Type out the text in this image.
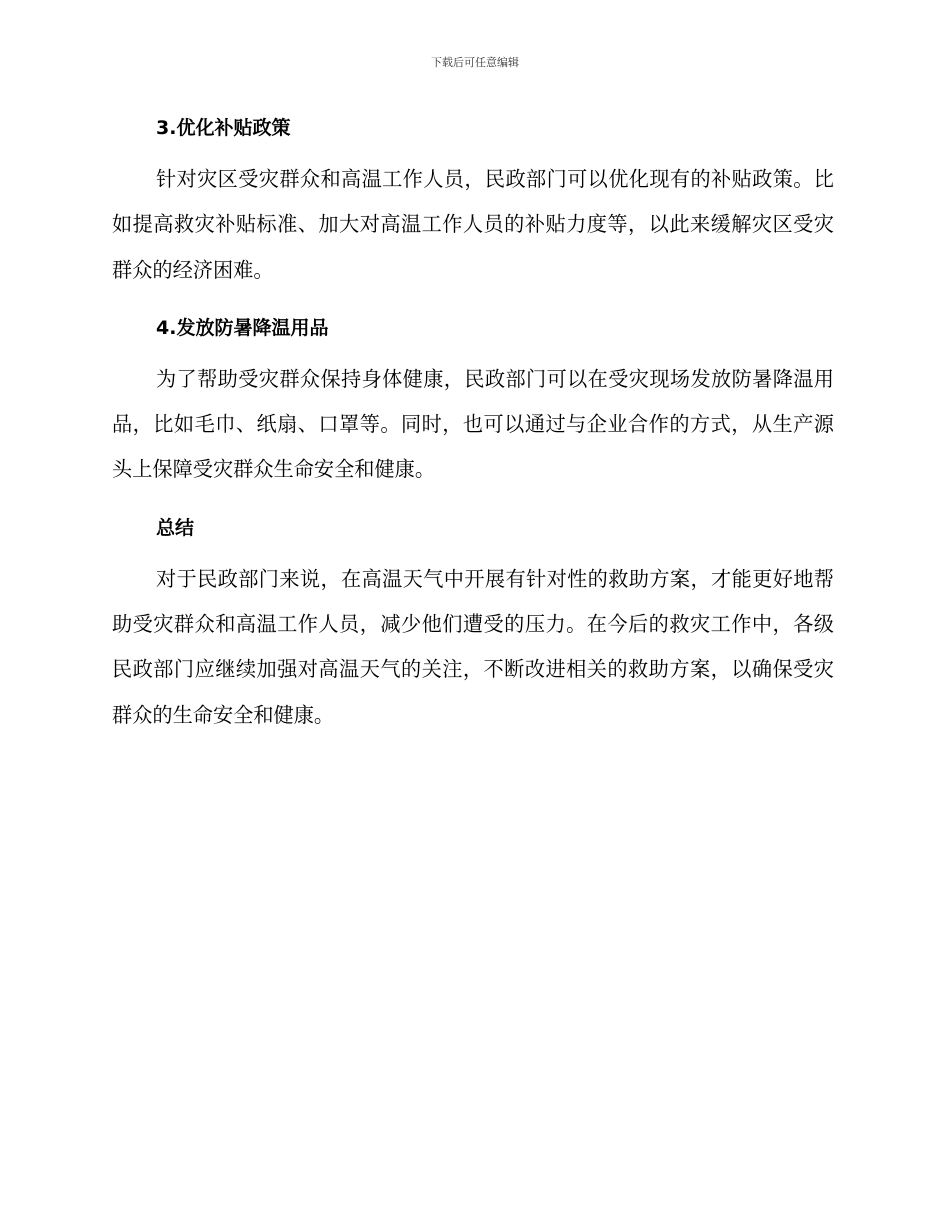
下载后可任意编辑
3.优化补贴政策

针对灾区受灾群众和高温工作人员，民政部门可以优化现有的补贴政策。比如提高救灾补贴标准、加大对高温工作人员的补贴力度等，以此来缓解灾区受灾群众的经济困难。

4.发放防暑降温用品

为了帮助受灾群众保持身体健康，民政部门可以在受灾现场发放防暑降温用品，比如毛巾、纸扇、口罩等。同时，也可以通过与企业合作的方式，从生产源头上保障受灾群众生命安全和健康。

总结

对于民政部门来说，在高温天气中开展有针对性的救助方案，才能更好地帮助受灾群众和高温工作人员，减少他们遭受的压力。在今后的救灾工作中，各级民政部门应继续加强对高温天气的关注，不断改进相关的救助方案，以确保受灾群众的生命安全和健康。
